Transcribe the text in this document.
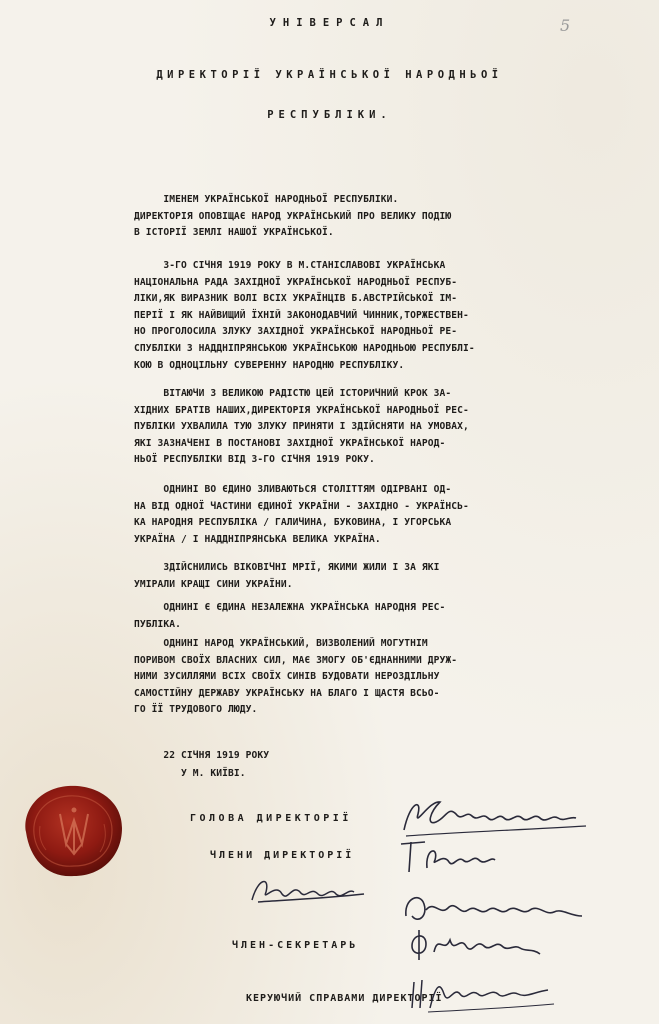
5
УНІВЕРСАЛ
ДИРЕКТОРІЇ УКРАЇНСЬКОЇ НАРОДНЬОЇ
РЕСПУБЛІКИ.
ІМЕНЕМ УКРАЇНСЬКОЇ НАРОДНЬОЇ РЕСПУБЛІКИ.
ДИРЕКТОРІЯ ОПОВІЩАЄ НАРОД УКРАЇНСЬКИЙ ПРО ВЕЛИКУ ПОДІЮ
В ІСТОРІЇ ЗЕМЛІ НАШОЇ УКРАЇНСЬКОЇ.
3-ГО СІЧНЯ 1919 РОКУ В М.СТАНІСЛАВОВІ УКРАЇНСЬКА
НАЦІОНАЛЬНА РАДА ЗАХІДНОЇ УКРАЇНСЬКОЇ НАРОДНЬОЇ РЕСПУБ-
ЛІКИ,ЯК ВИРАЗНИК ВОЛІ ВСІХ УКРАЇНЦІВ Б.АВСТРІЙСЬКОЇ ІМ-
ПЕРІЇ І ЯК НАЙВИЩИЙ ЇХНІЙ ЗАКОНОДАВЧИЙ ЧИННИК,ТОРЖЕСТВЕН-
НО ПРОГОЛОСИЛА ЗЛУКУ ЗАХІДНОЇ УКРАЇНСЬКОЇ НАРОДНЬОЇ РЕ-
СПУБЛІКИ З НАДДНІПРЯНСЬКОЮ УКРАЇНСЬКОЮ НАРОДНЬОЮ РЕСПУБЛІ-
КОЮ В ОДНОЦІЛЬНУ СУВЕРЕННУ НАРОДНЮ РЕСПУБЛІКУ.
ВІТАЮЧИ З ВЕЛИКОЮ РАДІСТЮ ЦЕЙ ІСТОРИЧНИЙ КРОК ЗА-
ХІДНИХ БРАТІВ НАШИХ,ДИРЕКТОРІЯ УКРАЇНСЬКОЇ НАРОДНЬОЇ РЕС-
ПУБЛІКИ УХВАЛИЛА ТУЮ ЗЛУКУ ПРИНЯТИ І ЗДІЙСНЯТИ НА УМОВАХ,
ЯКІ ЗАЗНАЧЕНІ В ПОСТАНОВІ ЗАХІДНОЇ УКРАЇНСЬКОЇ НАРОД-
НЬОЇ РЕСПУБЛІКИ ВІД 3-ГО СІЧНЯ 1919 РОКУ.
ОДНИНІ ВО ЄДИНО ЗЛИВАЮТЬСЯ СТОЛІТТЯМ ОДІРВАНІ ОД-
НА ВІД ОДНОЇ ЧАСТИНИ ЄДИНОЇ УКРАЇНИ - ЗАХІДНО - УКРАЇНСЬ-
КА НАРОДНЯ РЕСПУБЛІКА / ГАЛИЧИНА, БУКОВИНА, І УГОРСЬКА
УКРАЇНА / І НАДДНІПРЯНСЬКА ВЕЛИКА УКРАЇНА.
ЗДІЙСНИЛИСЬ ВІКОВІЧНІ МРІЇ, ЯКИМИ ЖИЛИ І ЗА ЯКІ
УМІРАЛИ КРАЩІ СИНИ УКРАЇНИ.
ОДНИНІ Є ЄДИНА НЕЗАЛЕЖНА УКРАЇНСЬКА НАРОДНЯ РЕС-
ПУБЛІКА.
ОДНИНІ НАРОД УКРАЇНСЬКИЙ, ВИЗВОЛЕНИЙ МОГУТНІМ
ПОРИВОМ СВОЇХ ВЛАСНИХ СИЛ, МАЄ ЗМОГУ ОБ'ЄДНАННИМИ ДРУЖ-
НИМИ ЗУСИЛЛЯМИ ВСІХ СВОЇХ СИНІВ БУДОВАТИ НЕРОЗДІЛЬНУ
САМОСТІЙНУ ДЕРЖАВУ УКРАЇНСЬКУ НА БЛАГО І ЩАСТЯ ВСЬО-
ГО ЇЇ ТРУДОВОГО ЛЮДУ.
22 СІЧНЯ 1919 РОКУ
У М. КИЇВІ.
ГОЛОВА ДИРЕКТОРІЇ
ЧЛЕНИ ДИРЕКТОРІЇ
ЧЛЕН-СЕКРЕТАРЬ
КЕРУЮЧИЙ СПРАВАМИ ДИРЕКТОРІЇ
